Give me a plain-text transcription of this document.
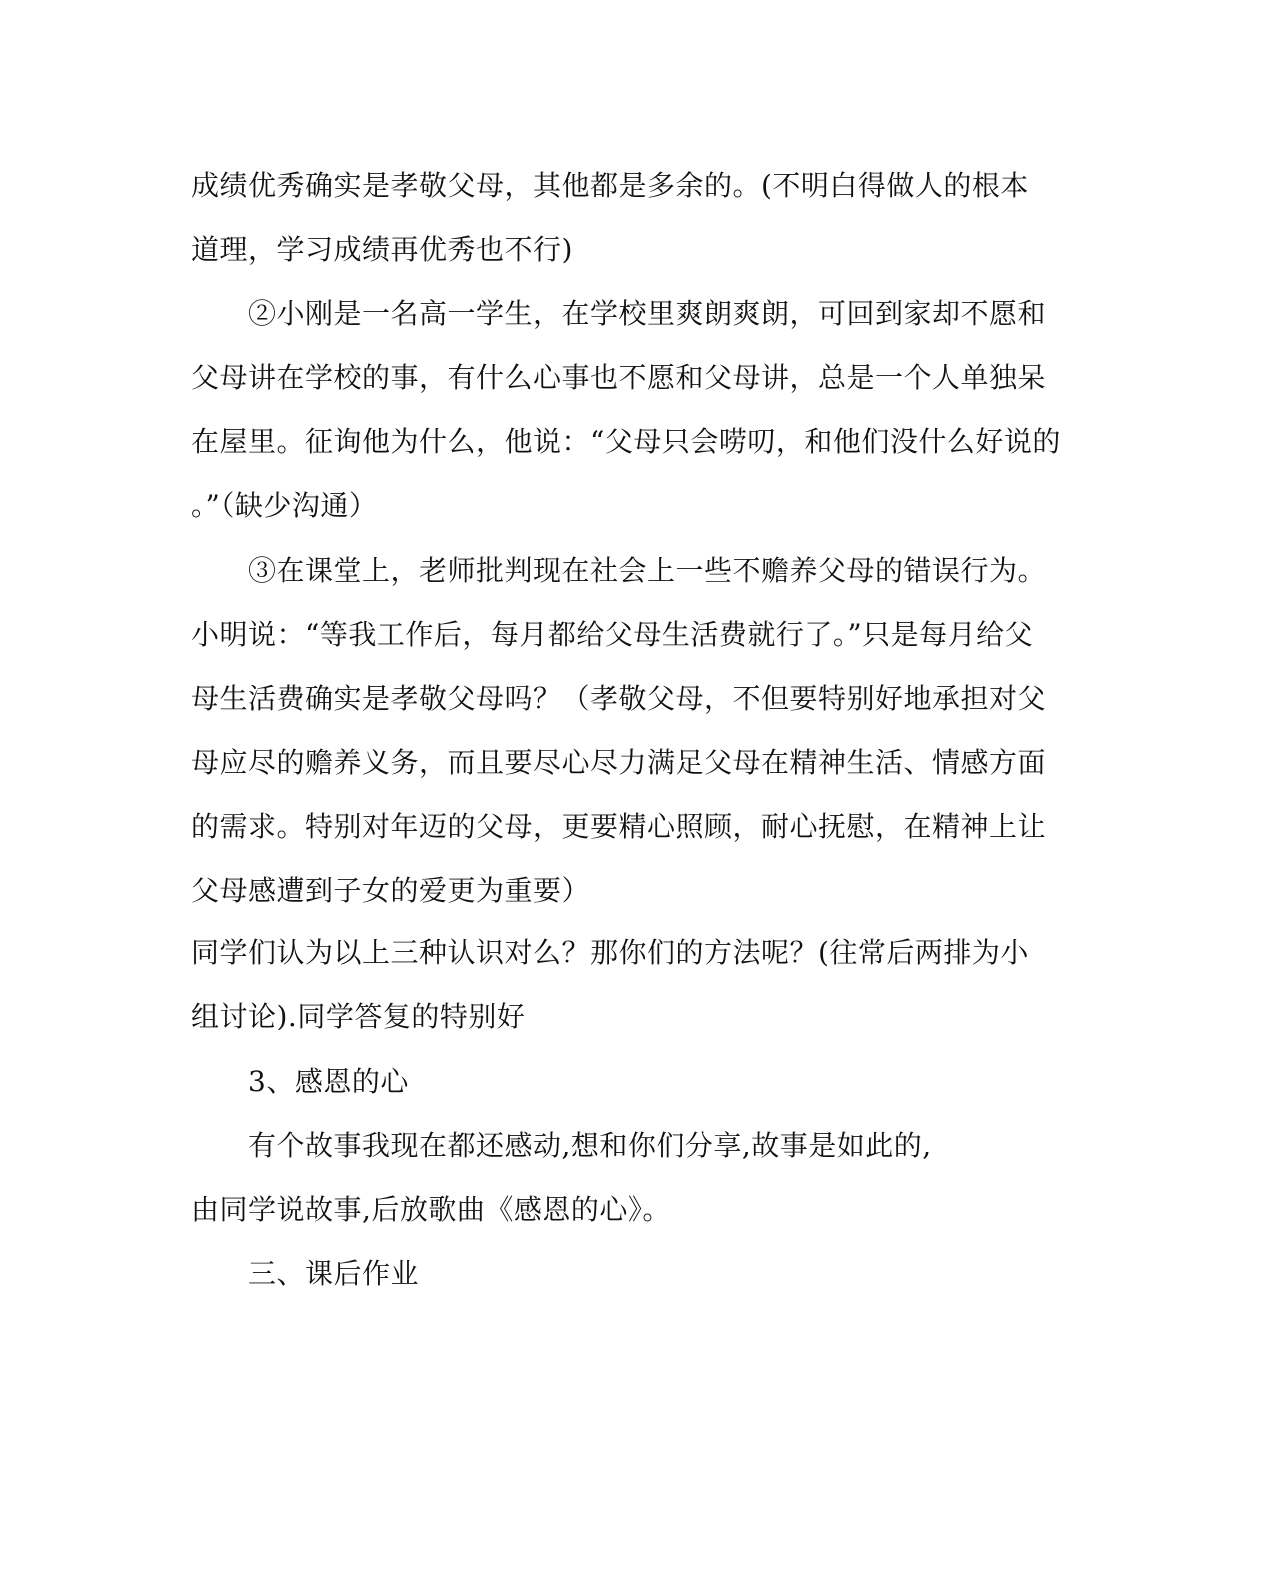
成绩优秀确实是孝敬父母，其他都是多余的。(不明白得做人的根本
道理，学习成绩再优秀也不行)
②小刚是一名高一学生，在学校里爽朗爽朗，可回到家却不愿和
父母讲在学校的事，有什么心事也不愿和父母讲，总是一个人单独呆
在屋里。征询他为什么，他说：“父母只会唠叨，和他们没什么好说的
。”（缺少沟通）
③在课堂上，老师批判现在社会上一些不赡养父母的错误行为。
小明说：“等我工作后，每月都给父母生活费就行了。”只是每月给父
母生活费确实是孝敬父母吗？（孝敬父母，不但要特别好地承担对父
母应尽的赡养义务，而且要尽心尽力满足父母在精神生活、情感方面
的需求。特别对年迈的父母，更要精心照顾，耐心抚慰，在精神上让
父母感遭到子女的爱更为重要）
同学们认为以上三种认识对么？那你们的方法呢？(往常后两排为小
组讨论).同学答复的特别好
3、感恩的心
有个故事我现在都还感动,想和你们分享,故事是如此的,
由同学说故事,后放歌曲《感恩的心》。
三、课后作业
